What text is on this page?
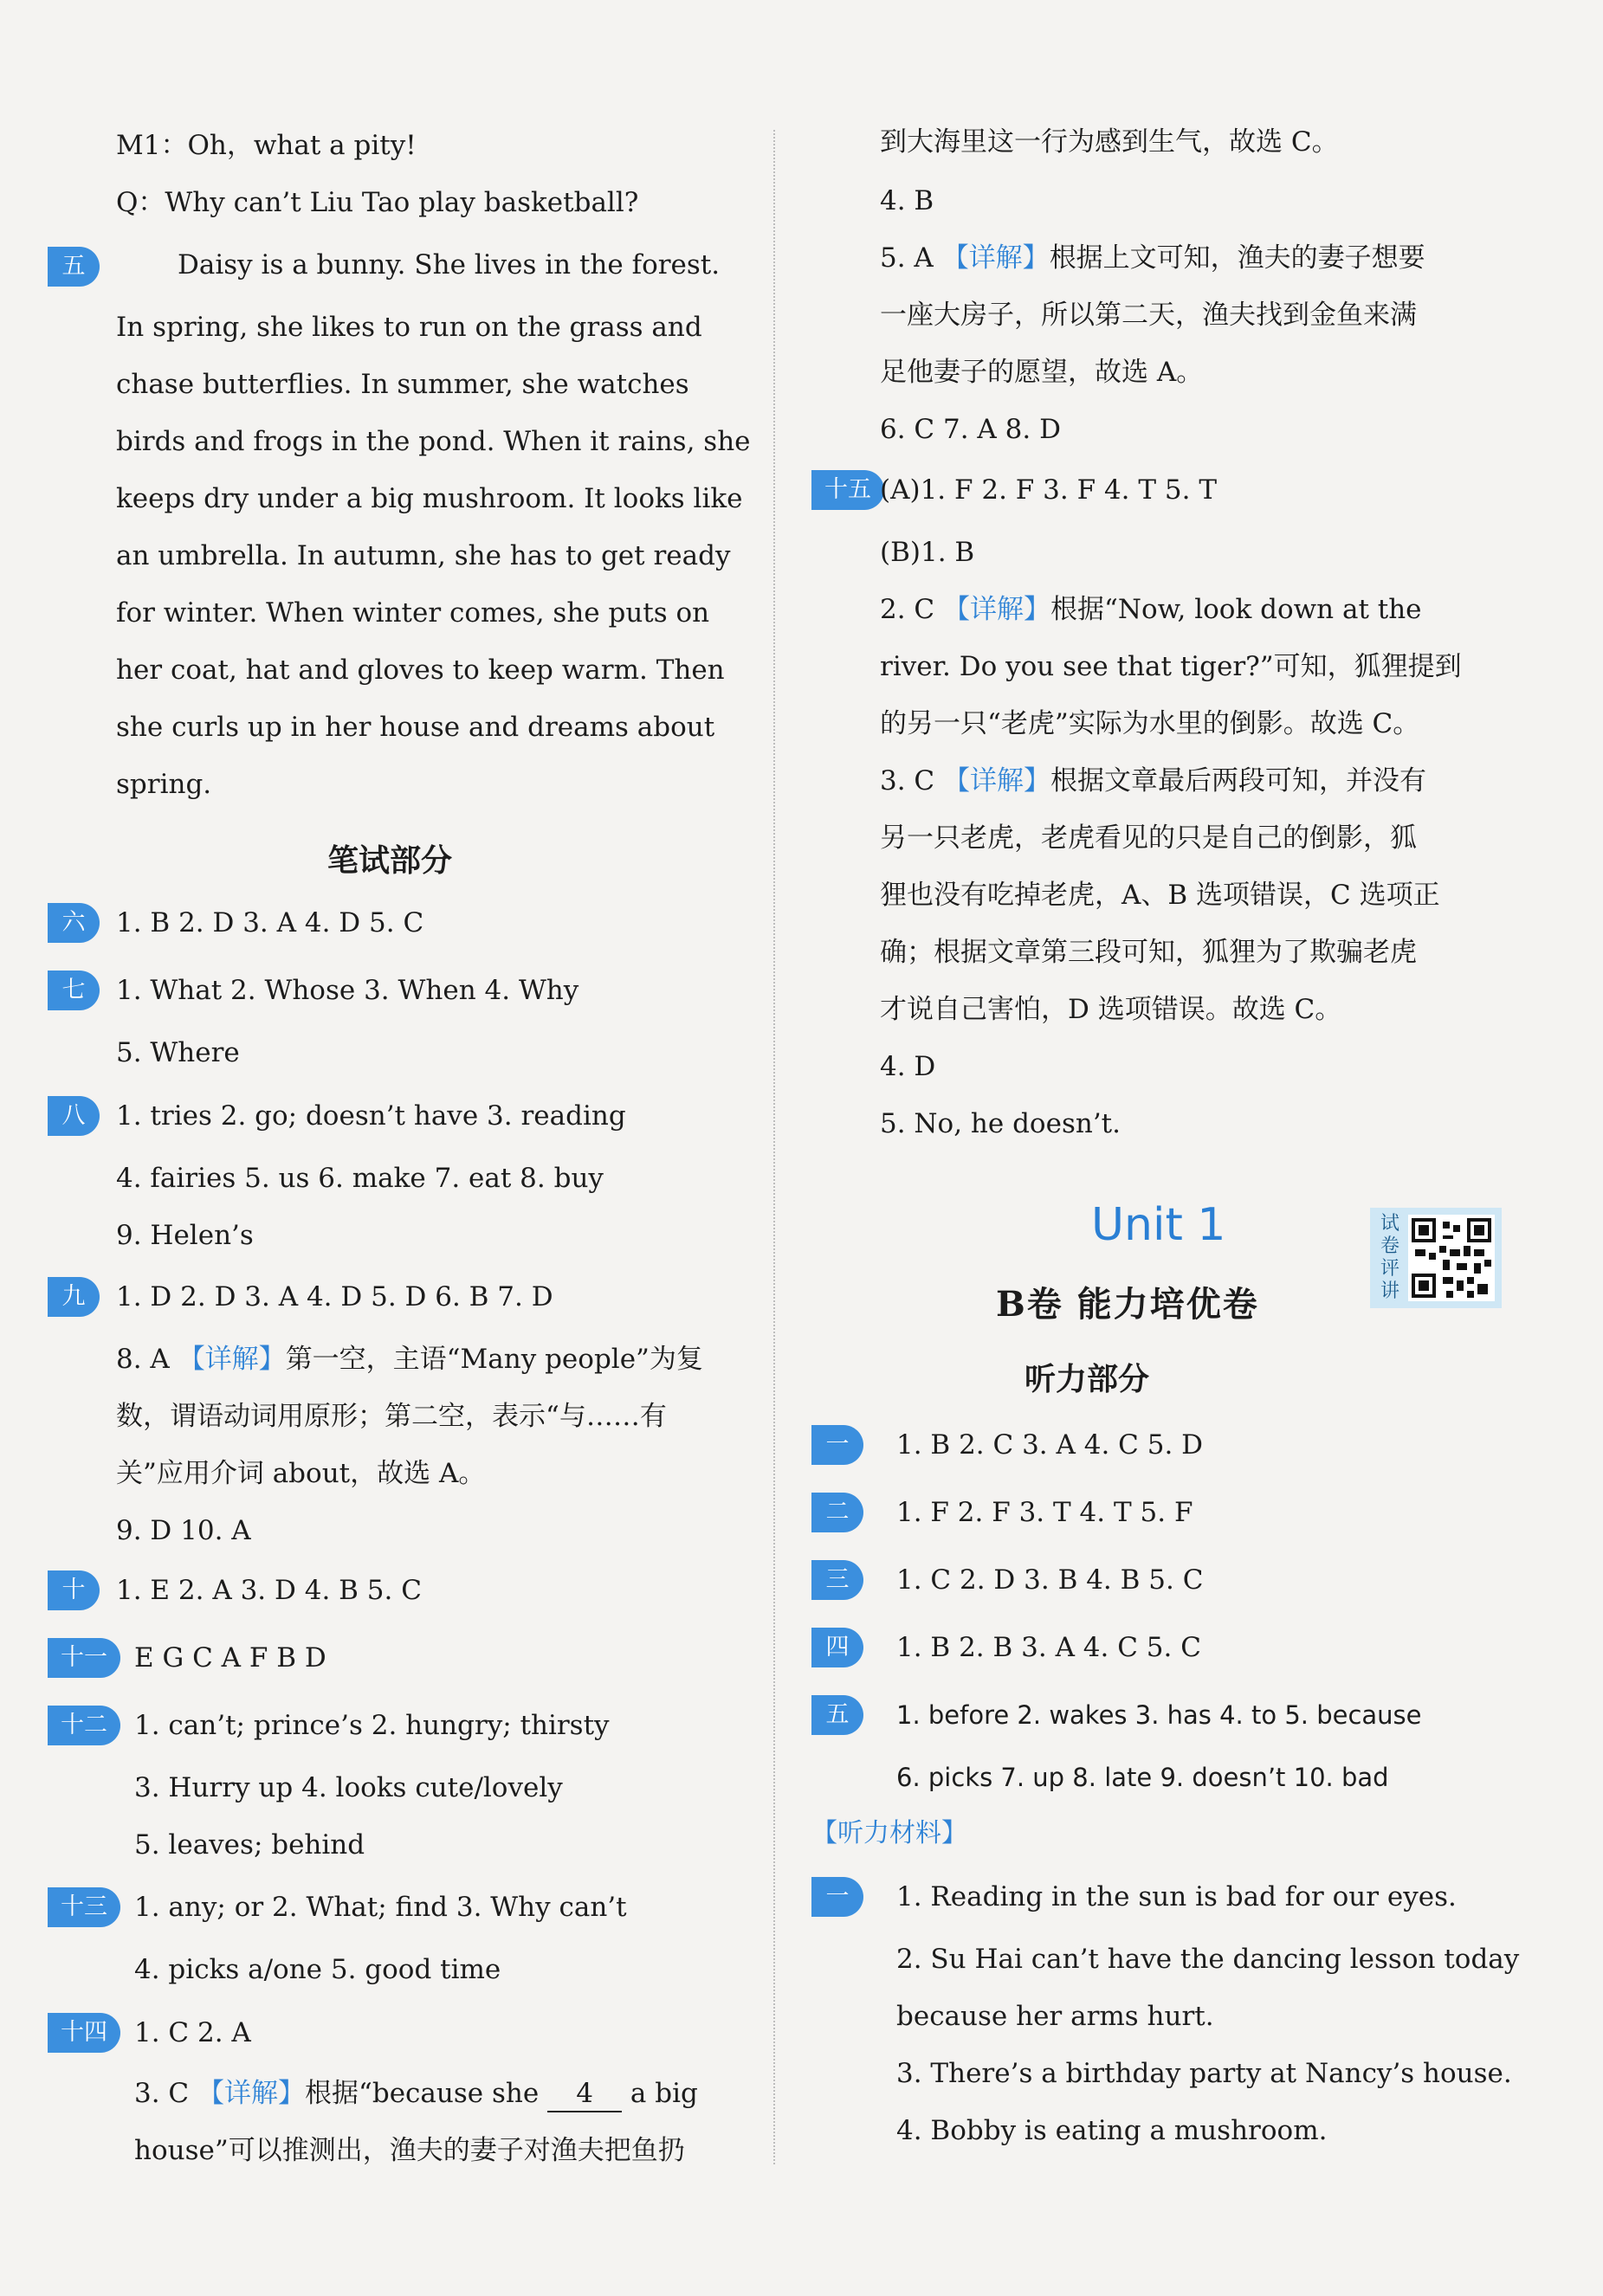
M1：Oh，what a pity!
Q：Why can’t Liu Tao play basketball?
五	Daisy is a bunny. She lives in the forest.
In spring, she likes to run on the grass and
chase butterflies. In summer, she watches
birds and frogs in the pond. When it rains, she
keeps dry under a big mushroom. It looks like
an umbrella. In autumn, she has to get ready
for winter. When winter comes, she puts on
her coat, hat and gloves to keep warm. Then
she curls up in her house and dreams about
spring.
笔试部分
六	1. B 2. D 3. A 4. D 5. C
七	1. What 2. Whose 3. When 4. Why
5. Where
八	1. tries 2. go; doesn’t have 3. reading
4. fairies 5. us 6. make 7. eat 8. buy
9. Helen’s
九	1. D 2. D 3. A 4. D 5. D 6. B 7. D
8. A 【详解】第一空，主语“Many people”为复
数，谓语动词用原形；第二空，表示“与……有
关”应用介词 about，故选 A。
9. D 10. A
十	1. E 2. A 3. D 4. B 5. C
十一	E G C A F B D
十二	1. can’t; prince’s 2. hungry; thirsty
3. Hurry up 4. looks cute/lovely
5. leaves; behind
十三	1. any; or 2. What; find 3. Why can’t
4. picks a/one 5. good time
十四	1. C 2. A
3. C 【详解】根据“because she 4 a big
house”可以推测出，渔夫的妻子对渔夫把鱼扔
到大海里这一行为感到生气，故选 C。
4. B
5. A 【详解】根据上文可知，渔夫的妻子想要
一座大房子，所以第二天，渔夫找到金鱼来满
足他妻子的愿望，故选 A。
6. C 7. A 8. D
十五 (A)1. F 2. F 3. F 4. T 5. T
(B)1. B
2. C 【详解】根据“Now, look down at the
river. Do you see that tiger?”可知，狐狸提到
的另一只“老虎”实际为水里的倒影。故选 C。
3. C 【详解】根据文章最后两段可知，并没有
另一只老虎，老虎看见的只是自己的倒影，狐
狸也没有吃掉老虎，A、B 选项错误，C 选项正
确；根据文章第三段可知，狐狸为了欺骗老虎
才说自己害怕，D 选项错误。故选 C。
4. D
5. No, he doesn’t.
Unit 1
B卷 能力培优卷
试卷评讲
听力部分
一	1. B 2. C 3. A 4. C 5. D
二	1. F 2. F 3. T 4. T 5. F
三	1. C 2. D 3. B 4. B 5. C
四	1. B 2. B 3. A 4. C 5. C
五	1. before 2. wakes 3. has 4. to 5. because
6. picks 7. up 8. late 9. doesn’t 10. bad
【听力材料】
一	1. Reading in the sun is bad for our eyes.
2. Su Hai can’t have the dancing lesson today
because her arms hurt.
3. There’s a birthday party at Nancy’s house.
4. Bobby is eating a mushroom.
